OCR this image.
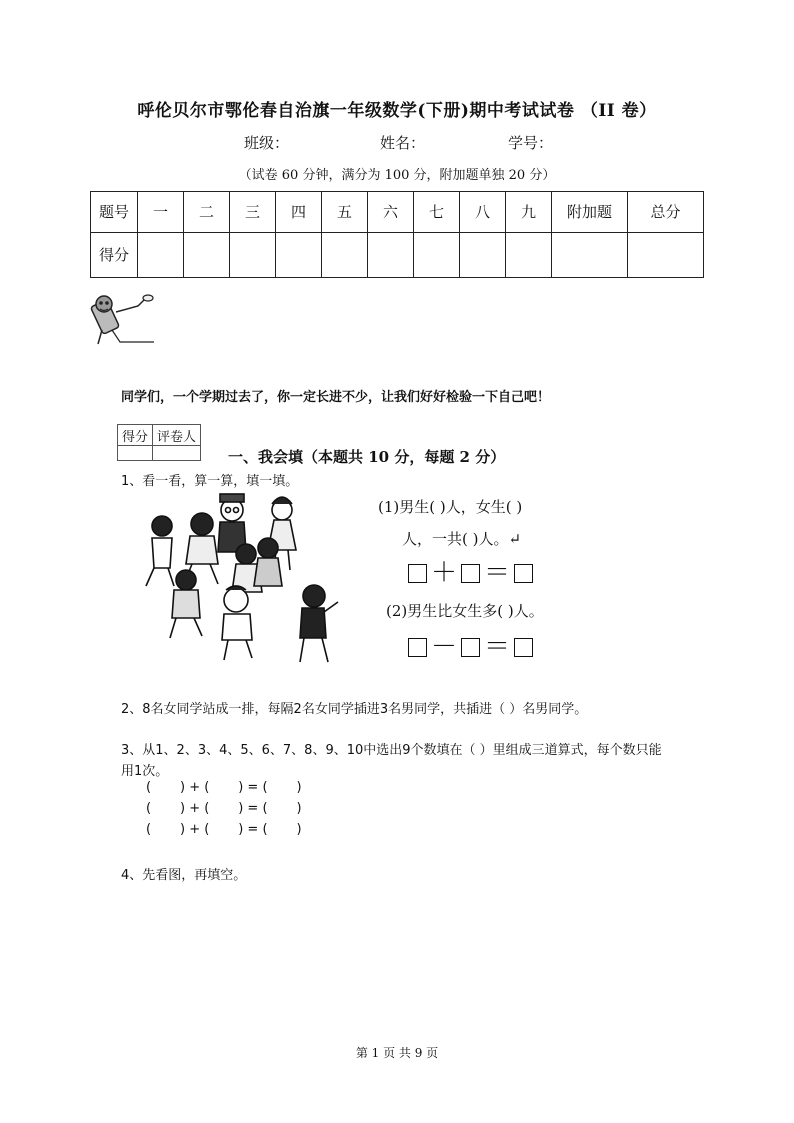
呼伦贝尔市鄂伦春自治旗一年级数学(下册)期中考试试卷 （II 卷）
班级：	姓名：	学号：
（试卷 60 分钟，满分为 100 分，附加题单独 20 分）
题号	一	二	三	四	五	六	七	八	九	附加题	总分
得分											
同学们，一个学期过去了，你一定长进不少，让我们好好检验一下自己吧！
得分	评卷人

一、我会填（本题共 10 分，每题 2 分）
1、看一看，算一算，填一填。
(1)男生( )人，女生( )
人，一共( )人。↵
＋ ＝
(2)男生比女生多( )人。
－ ＝
2、8名女同学站成一排，每隔2名女同学插进3名男同学，共插进（ ）名男同学。
3、从1、2、3、4、5、6、7、8、9、10中选出9个数填在（ ）里组成三道算式，每个数只能
用1次。
(       ) + (       ) = (       )
(       ) + (       ) = (       )
(       ) + (       ) = (       )
4、先看图，再填空。
第 1 页 共 9 页
